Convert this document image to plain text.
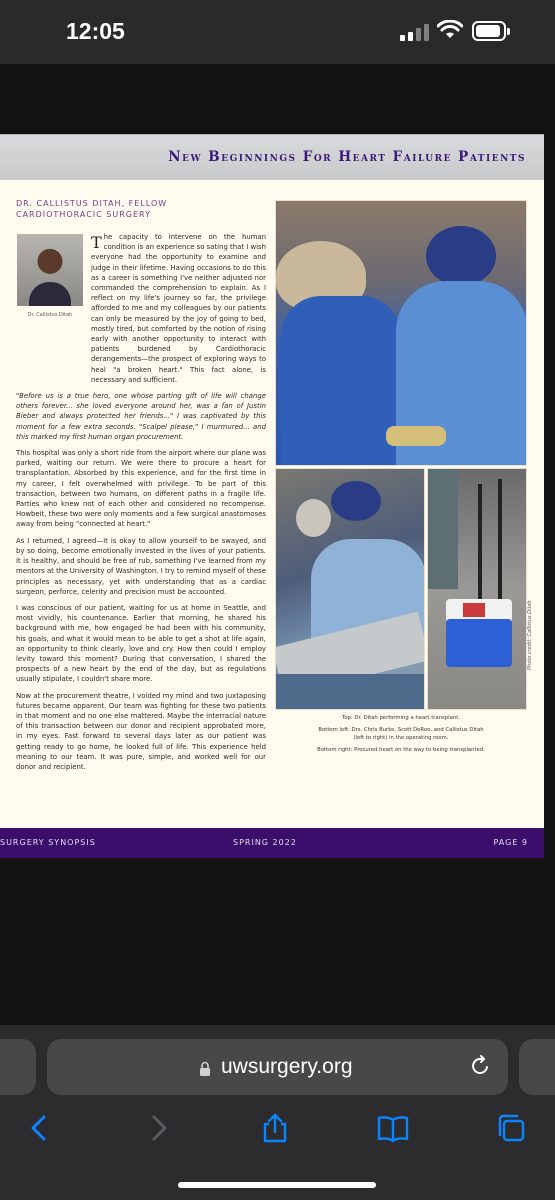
12:05
New Beginnings For Heart Failure Patients
DR. CALLISTUS DITAH, FELLOW
CARDIOTHORACIC SURGERY
Dr. Callistus Ditah

The capacity to intervene on the human condition is an experience so sating that I wish everyone had the opportunity to examine and judge in their lifetime. Having occasions to do this as a career is something I've neither adjusted nor commanded the comprehension to explain. As I reflect on my life's journey so far, the privilege afforded to me and my colleagues by our patients can only be measured by the joy of going to bed, mostly tired, but comforted by the notion of rising early with another opportunity to interact with patients burdened by Cardiothoracic derangements—the prospect of exploring ways to heal "a broken heart." This fact alone, is necessary and sufficient.

"Before us is a true hero, one whose parting gift of life will change others forever... she loved everyone around her, was a fan of Justin Bieber and always protected her friends..." I was captivated by this moment for a few extra seconds. "Scalpel please," I murmured... and this marked my first human organ procurement.

This hospital was only a short ride from the airport where our plane was parked, waiting our return. We were there to procure a heart for transplantation. Absorbed by this experience, and for the first time in my career, I felt overwhelmed with privilege. To be part of this transaction, between two humans, on different paths in a fragile life. Parties who knew not of each other and considered no recompense. Howbeit, these two were only moments and a few surgical anastomoses away from being "connected at heart."

As I returned, I agreed—it is okay to allow yourself to be swayed, and by so doing, become emotionally invested in the lives of your patients. It is healthy, and should be free of rub, something I've learned from my mentors at the University of Washington. I try to remind myself of these principles as necessary, yet with understanding that as a cardiac surgeon, perforce, celerity and precision must be accounted.

I was conscious of our patient, waiting for us at home in Seattle, and most vividly, his countenance. Earlier that morning, he shared his background with me, how engaged he had been with his community, his goals, and what it would mean to be able to get a shot at life again, an opportunity to think clearly, love and cry. How then could I employ levity toward this moment? During that conversation, I shared the prospects of a new heart by the end of the day, but as regulations usually stipulate, I couldn't share more.

Now at the procurement theatre, I voided my mind and two juxtaposing futures became apparent. Our team was fighting for these two patients in that moment and no one else mattered. Maybe the interracial nature of this transaction between our donor and recipient approbated more, in my eyes. Fast forward to several days later as our patient was getting ready to go home, he looked full of life. This experience held meaning to our team. It was pure, simple, and worked well for our donor and recipient.

Photo credit: Callistus Ditah
Top: Dr. Ditah performing a heart transplant.
Bottom left: Drs. Chris Burke, Scott DeRoo, and Callistus Ditah (left to right) in the operating room.
Bottom right: Procured heart on the way to being transplanted.
SURGERY SYNOPSIS	SPRING 2022	PAGE 9
uwsurgery.org
